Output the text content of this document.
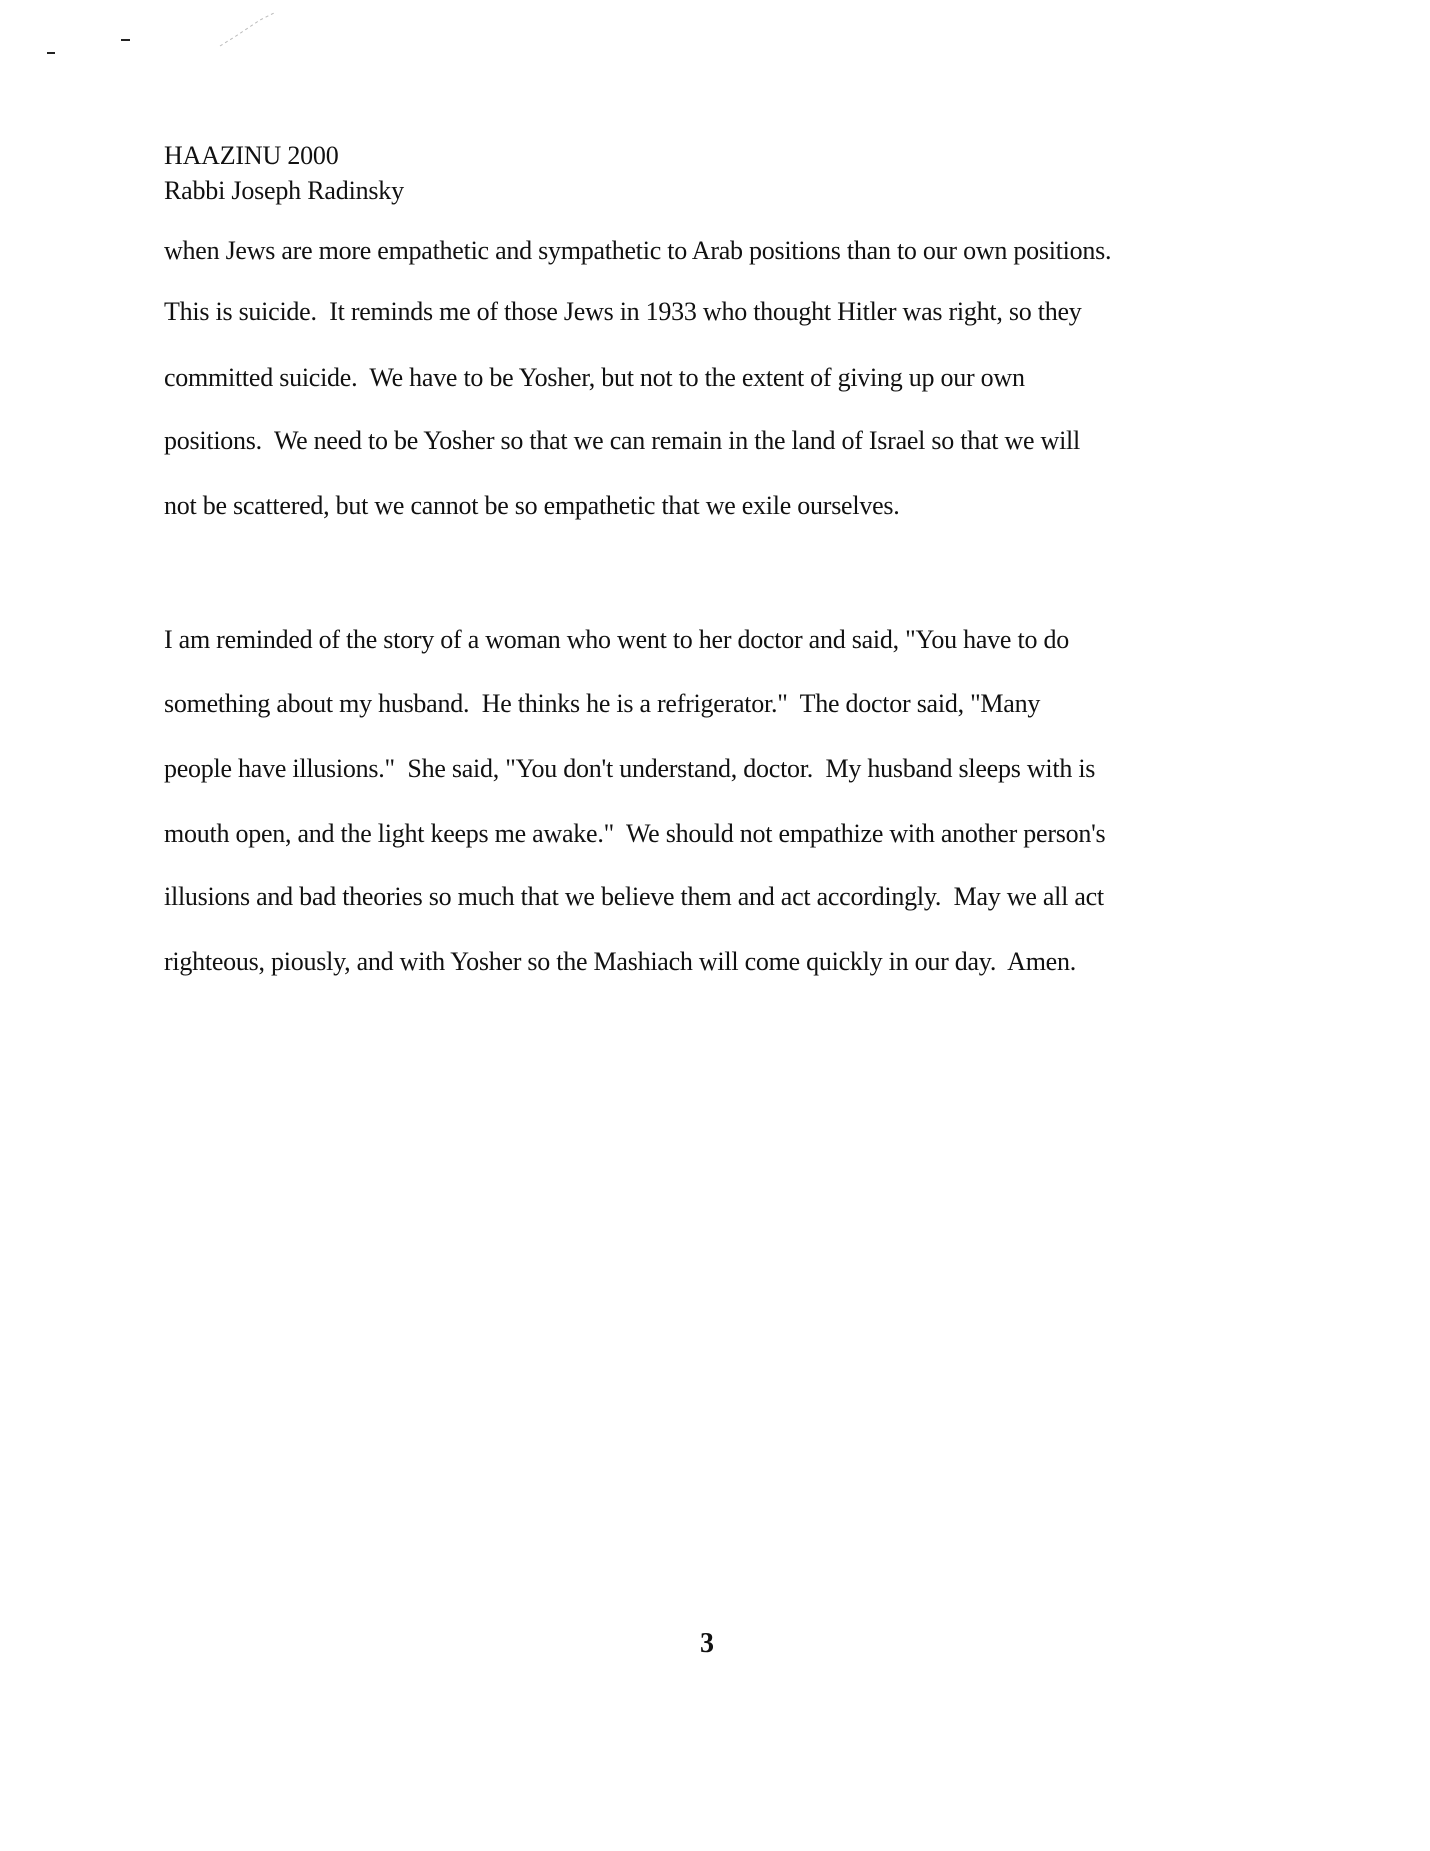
HAAZINU 2000
Rabbi Joseph Radinsky
when Jews are more empathetic and sympathetic to Arab positions than to our own positions.
This is suicide.  It reminds me of those Jews in 1933 who thought Hitler was right, so they
committed suicide.  We have to be Yosher, but not to the extent of giving up our own
positions.  We need to be Yosher so that we can remain in the land of Israel so that we will
not be scattered, but we cannot be so empathetic that we exile ourselves.
I am reminded of the story of a woman who went to her doctor and said, "You have to do
something about my husband.  He thinks he is a refrigerator."  The doctor said, "Many
people have illusions."  She said, "You don't understand, doctor.  My husband sleeps with is
mouth open, and the light keeps me awake."  We should not empathize with another person's
illusions and bad theories so much that we believe them and act accordingly.  May we all act
righteous, piously, and with Yosher so the Mashiach will come quickly in our day.  Amen.
3
